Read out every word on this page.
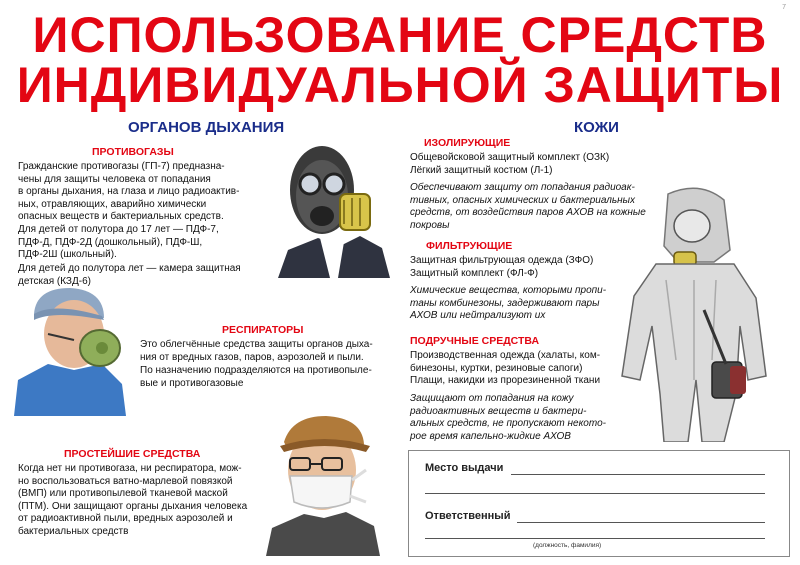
7
ИСПОЛЬЗОВАНИЕ СРЕДСТВ
ИНДИВИДУАЛЬНОЙ ЗАЩИТЫ
ОРГАНОВ ДЫХАНИЯ	КОЖИ
ПРОТИВОГАЗЫ
Гражданские противогазы (ГП-7) предназна-
чены для защиты человека от попадания
в органы дыхания, на глаза и лицо радиоактив-
ных, отравляющих, аварийно химически
опасных веществ и бактериальных средств.
Для детей от полутора до 17 лет — ПДФ-7,
ПДФ-Д, ПДФ-2Д (дошкольный), ПДФ-Ш,
ПДФ-2Ш (школьный).
Для детей до полутора лет — камера защитная
детская (КЗД-6)
РЕСПИРАТОРЫ
Это облегчённые средства защиты органов дыха-
ния от вредных газов, паров, аэрозолей и пыли.
По назначению подразделяются на противопыле-
вые и противогазовые
ПРОСТЕЙШИЕ СРЕДСТВА
Когда нет ни противогаза, ни респиратора, мож-
но воспользоваться ватно-марлевой повязкой
(ВМП) или противопылевой тканевой маской
(ПТМ). Они защищают органы дыхания человека
от радиоактивной пыли, вредных аэрозолей и
бактериальных средств
ИЗОЛИРУЮЩИЕ
Общевойсковой защитный комплект (ОЗК)
Лёгкий защитный костюм (Л-1)
Обеспечивают защиту от попадания радиоак-
тивных, опасных химических и бактериальных
средств, от воздействия паров АХОВ на кожные
покровы
ФИЛЬТРУЮЩИЕ
Защитная фильтрующая одежда (ЗФО)
Защитный комплект (ФЛ-Ф)
Химические вещества, которыми пропи-
таны комбинезоны, задерживают пары
АХОВ или нейтрализуют их
ПОДРУЧНЫЕ СРЕДСТВА
Производственная одежда (халаты, ком-
бинезоны, куртки, резиновые сапоги)
Плащи, накидки из прорезиненной ткани
Защищают от попадания на кожу
радиоактивных веществ и бактери-
альных средств, не пропускают некото-
рое время капельно-жидкие АХОВ
Место выдачи
Ответственный
(должность, фамилия)
